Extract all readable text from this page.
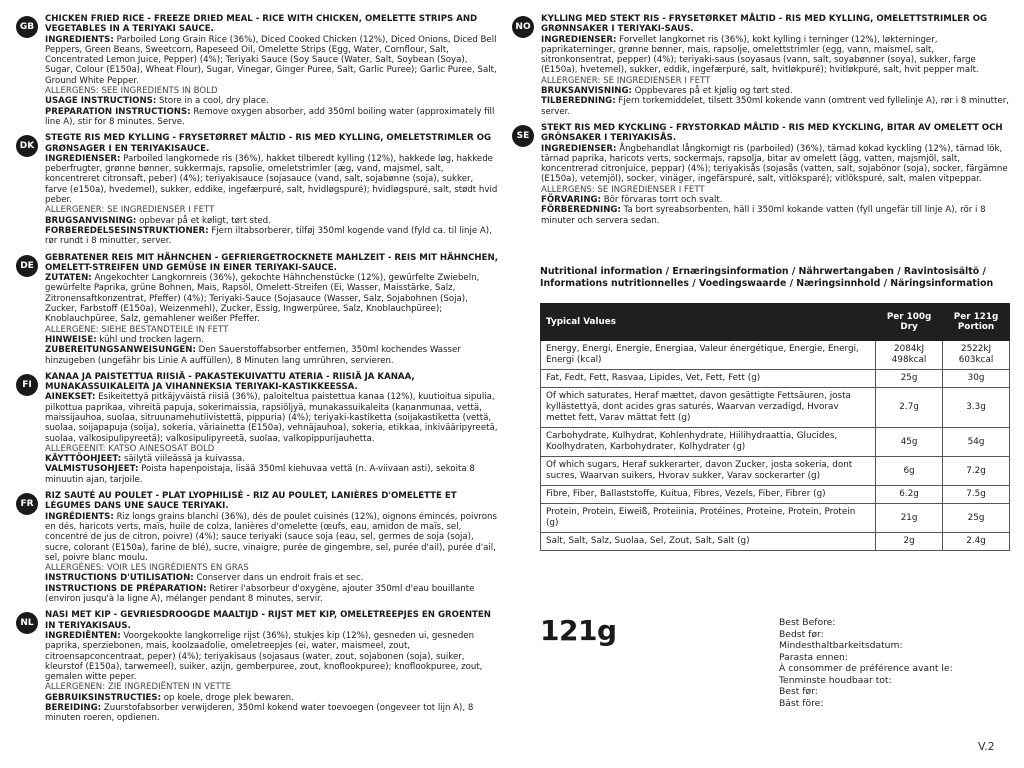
GB

CHICKEN FRIED RICE - FREEZE DRIED MEAL - RICE WITH CHICKEN, OMELETTE STRIPS AND VEGETABLES IN A TERIYAKI SAUCE.

INGREDIENTS: Parboiled Long Grain Rice (36%), Diced Cooked Chicken (12%), Diced Onions, Diced Bell Peppers, Green Beans, Sweetcorn, Rapeseed Oil, Omelette Strips (Egg, Water, Cornflour, Salt, Concentrated Lemon Juice, Pepper) (4%); Teriyaki Sauce (Soy Sauce (Water, Salt, Soybean (Soya), Sugar, Colour (E150a), Wheat Flour), Sugar, Vinegar, Ginger Puree, Salt, Garlic Puree); Garlic Puree, Salt, Ground White Pepper.

ALLERGENS: SEE INGREDIENTS IN BOLD

USAGE INSTRUCTIONS: Store in a cool, dry place.

PREPARATION INSTRUCTIONS: Remove oxygen absorber, add 350ml boiling water (approximately fill line A), stir for 8 minutes. Serve.

DK

STEGTE RIS MED KYLLING - FRYSETØRRET MÅLTID - RIS MED KYLLING, OMELETSTRIMLER OG GRØNSAGER I EN TERIYAKISAUCE.

INGREDIENSER: Parboiled langkornede ris (36%), hakket tilberedt kylling (12%), hakkede løg, hakkede peberfrugter, grønne bønner, sukkermajs, rapsolie, omeletstrimler (æg, vand, majsmel, salt, koncentreret citronsaft, peber) (4%); teriyakisauce (sojasauce (vand, salt, sojabønne (soja), sukker, farve (e150a), hvedemel), sukker, eddike, ingefærpuré, salt, hvidløgspuré); hvidløgspuré, salt, stødt hvid peber.

ALLERGENER: SE INGREDIENSER I FETT

BRUGSANVISNING: opbevar på et køligt, tørt sted.

FORBEREDELSESINSTRUKTIONER: Fjern iltabsorberer, tilføj 350ml kogende vand (fyld ca. til linje A), rør rundt i 8 minutter, server.

DE

GEBRATENER REIS MIT HÄHNCHEN - GEFRIERGETROCKNETE MAHLZEIT - REIS MIT HÄHNCHEN, OMELETT-STREIFEN UND GEMÜSE IN EINER TERIYAKI-SAUCE.

ZUTATEN: Angekochter Langkornreis (36%), gekochte Hähnchenstücke (12%), gewürfelte Zwiebeln, gewürfelte Paprika, grüne Bohnen, Mais, Rapsöl, Omelett-Streifen (Ei, Wasser, Maisstärke, Salz, Zitronensaftkonzentrat, Pfeffer) (4%); Teriyaki-Sauce (Sojasauce (Wasser, Salz, Sojabohnen (Soja), Zucker, Farbstoff (E150a), Weizenmehl), Zucker, Essig, Ingwerpüree, Salz, Knoblauchpüree); Knoblauchpüree, Salz, gemahlener weißer Pfeffer.

ALLERGENE: SIEHE BESTANDTEILE IN FETT

HINWEISE: kühl und trocken lagern.

ZUBEREITUNGSANWEISUNGEN: Den Sauerstoffabsorber entfernen, 350ml kochendes Wasser hinzugeben (ungefähr bis Linie A auffüllen), 8 Minuten lang umrühren, servieren.

FI

KANAA JA PAISTETTUA RIISIÄ - PAKASTEKUIVATTU ATERIA - RIISIÄ JA KANAA, MUNAKASSUIKALEITA JA VIHANNEKSIA TERIYAKI-KASTIKKEESSA.

AINEKSET: Esikeitettyä pitkäjyväistä riisiä (36%), paloiteltua paistettua kanaa (12%), kuutioitua sipulia, pilkottua paprikaa, vihreitä papuja, sokerimaissia, rapsiöljyä, munakassuikaleita (kananmunaa, vettä, maissijauhoa, suolaa, sitruunamehutiivistettä, pippuria) (4%); teriyaki-kastiketta (soijakastiketta (vettä, suolaa, soijapapuja (soija), sokeria, väriainetta (E150a), vehnäjauhoa), sokeria, etikkaa, inkivääripyreetä, suolaa, valkosipulipyreetä); valkosipulipyreetä, suolaa, valkopippurijauhetta.

ALLERGEENIT: KATSO AINESOSAT BOLD

KÄYTTÖOHJEET: säilytä viileässä ja kuivassa.

VALMISTUSOHJEET: Poista hapenpoistaja, lisää 350ml kiehuvaa vettä (n. A-viivaan asti), sekoita 8 minuutin ajan, tarjoile.

FR

RIZ SAUTÉ AU POULET - PLAT LYOPHILISÉ - RIZ AU POULET, LANIÈRES D'OMELETTE ET LÉGUMES DANS UNE SAUCE TERIYAKI.

INGRÉDIENTS: Riz longs grains blanchi (36%), dés de poulet cuisinés (12%), oignons émincés, poivrons en dés, haricots verts, maïs, huile de colza, lanières d'omelette (œufs, eau, amidon de maïs, sel, concentré de jus de citron, poivre) (4%); sauce teriyaki (sauce soja (eau, sel, germes de soja (soja), sucre, colorant (E150a), farine de blé), sucre, vinaigre, purée de gingembre, sel, purée d'ail), purée d'ail, sel, poivre blanc moulu.

ALLERGÈNES: VOIR LES INGRÉDIENTS EN GRAS

INSTRUCTIONS D'UTILISATION: Conserver dans un endroit frais et sec.

INSTRUCTIONS DE PRÉPARATION: Retirer l'absorbeur d'oxygène, ajouter 350ml d'eau bouillante (environ jusqu'à la ligne A), mélanger pendant 8 minutes, servir.

NL

NASI MET KIP - GEVRIESDROOGDE MAALTIJD - RIJST MET KIP, OMELETREEPJES EN GROENTEN IN TERIYAKISAUS.

INGREDIËNTEN: Voorgekookte langkorrelige rijst (36%), stukjes kip (12%), gesneden ui, gesneden paprika, sperziebonen, mais, koolzaadolie, omeletreepjes (ei, water, maismeel, zout, citroensapconcentraat, peper) (4%); teriyakisaus (sojasaus (water, zout, sojabonen (soja), suiker, kleurstof (E150a), tarwemeel), suiker, azijn, gemberpuree, zout, knoflookpuree); knoflookpuree, zout, gemalen witte peper.

ALLERGENEN: ZIE INGREDIËNTEN IN VETTE

GEBRUIKSINSTRUCTIES: op koele, droge plek bewaren.

BEREIDING: Zuurstofabsorber verwijderen, 350ml kokend water toevoegen (ongeveer tot lijn A), 8 minuten roeren, opdienen.

NO

KYLLING MED STEKT RIS - FRYSETØRKET MÅLTID - RIS MED KYLLING, OMELETTSTRIMLER OG GRØNNSAKER I TERIYAKI-SAUS.

INGREDIENSER: Forvellet langkornet ris (36%), kokt kylling i terninger (12%), løkterninger, paprikaterninger, grønne bønner, mais, rapsolje, omelettstrimler (egg, vann, maismel, salt, sitronkonsentrat, pepper) (4%); teriyaki-saus (soyasaus (vann, salt, soyabønner (soya), sukker, farge (E150a), hvetemel), sukker, eddik, ingefærpuré, salt, hvitløkpuré); hvitløkpuré, salt, hvit pepper malt.

ALLERGENER: SE INGREDIENSER I FETT

BRUKSANVISNING: Oppbevares på et kjølig og tørt sted.

TILBEREDNING: Fjern torkemiddelet, tilsett 350ml kokende vann (omtrent ved fyllelinje A), rør i 8 minutter, server.

SE

STEKT RIS MED KYCKLING - FRYSTORKAD MÅLTID - RIS MED KYCKLING, BITAR AV OMELETT OCH GRÖNSAKER I TERIYAKISÅS.

INGREDIENSER: Ångbehandlat långkornigt ris (parboiled) (36%), tärnad kokad kyckling (12%), tärnad lök, tärnad paprika, haricots verts, sockermajs, rapsolja, bitar av omelett (ägg, vatten, majsmjöl, salt, koncentrerad citronjuice, peppar) (4%); teriyakisås (sojasås (vatten, salt, sojabönor (soja), socker, färgämne (E150a), vetemjöl), socker, vinäger, ingefärspuré, salt, vitlöksparé); vitlökspuré, salt, malen vitpeppar.

ALLERGENS: SE INGREDIENSER I FETT

FÖRVARING: Bör förvaras torrt och svalt.

FÖRBEREDNING: Ta bort syreabsorbenten, häll i 350ml kokande vatten (fyll ungefär till linje A), rör i 8 minuter och servera sedan.

Nutritional information / Ernæringsinformation / Nährwertangaben / Ravintosisältö / Informations nutritionnelles / Voedingswaarde / Næringsinnhold / Näringsinformation
Typical Values	Per 100g Dry	Per 121g Portion
Energy, Energi, Energie, Energiaa, Valeur énergétique, Energie, Energi, Energi (kcal)	2084kJ 498kcal	2522kJ 603kcal
Fat, Fedt, Fett, Rasvaa, Lipides, Vet, Fett, Fett (g)	25g	30g
Of which saturates, Heraf mættet, davon gesättigte Fettsäuren, josta kyllästettyä, dont acides gras saturés, Waarvan verzadigd, Hvorav mettet fett, Varav mättat fett (g)	2.7g	3.3g
Carbohydrate, Kulhydrat, Kohlenhydrate, Hiilihydraattia, Glucides, Koolhydraten, Karbohydrater, Kolhydrater (g)	45g	54g
Of which sugars, Heraf sukkerarter, davon Zucker, josta sokeria, dont sucres, Waarvan suikers, Hvorav sukker, Varav sockerarter (g)	6g	7.2g
Fibre, Fiber, Ballaststoffe, Kuitua, Fibres, Vezels, Fiber, Fibrer (g)	6.2g	7.5g
Protein, Protein, Eiweiß, Proteiinia, Protéines, Proteine, Protein, Protein (g)	21g	25g
Salt, Salt, Salz, Suolaa, Sel, Zout, Salt, Salt (g)	2g	2.4g
121g	Best Before:
Bedst før:
Mindesthaltbarkeitsdatum:
Parasta ennen:
À consommer de préférence avant le:
Tenminste houdbaar tot:
Best før:
Bäst före:
V.2
